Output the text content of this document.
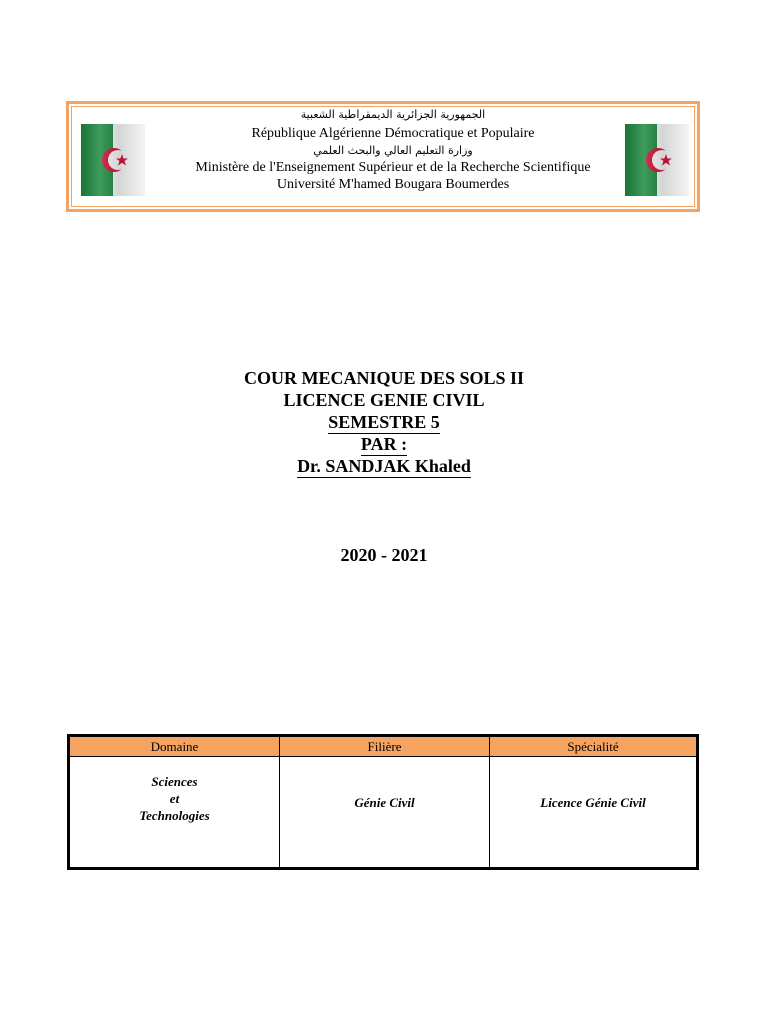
الجمهورية الجزائرية الديمقراطية الشعبية
République Algérienne Démocratique et Populaire
وزارة التعليم العالي والبحث العلمي
Ministère de l'Enseignement Supérieur et de la Recherche Scientifique
Université M'hamed Bougara Boumerdes
COUR MECANIQUE DES SOLS II
LICENCE GENIE CIVIL
SEMESTRE 5
PAR :
Dr. SANDJAK Khaled
2020 - 2021
Domaine	Filière	Spécialité

Sciences
et
Technologies	Génie Civil	Licence Génie Civil
